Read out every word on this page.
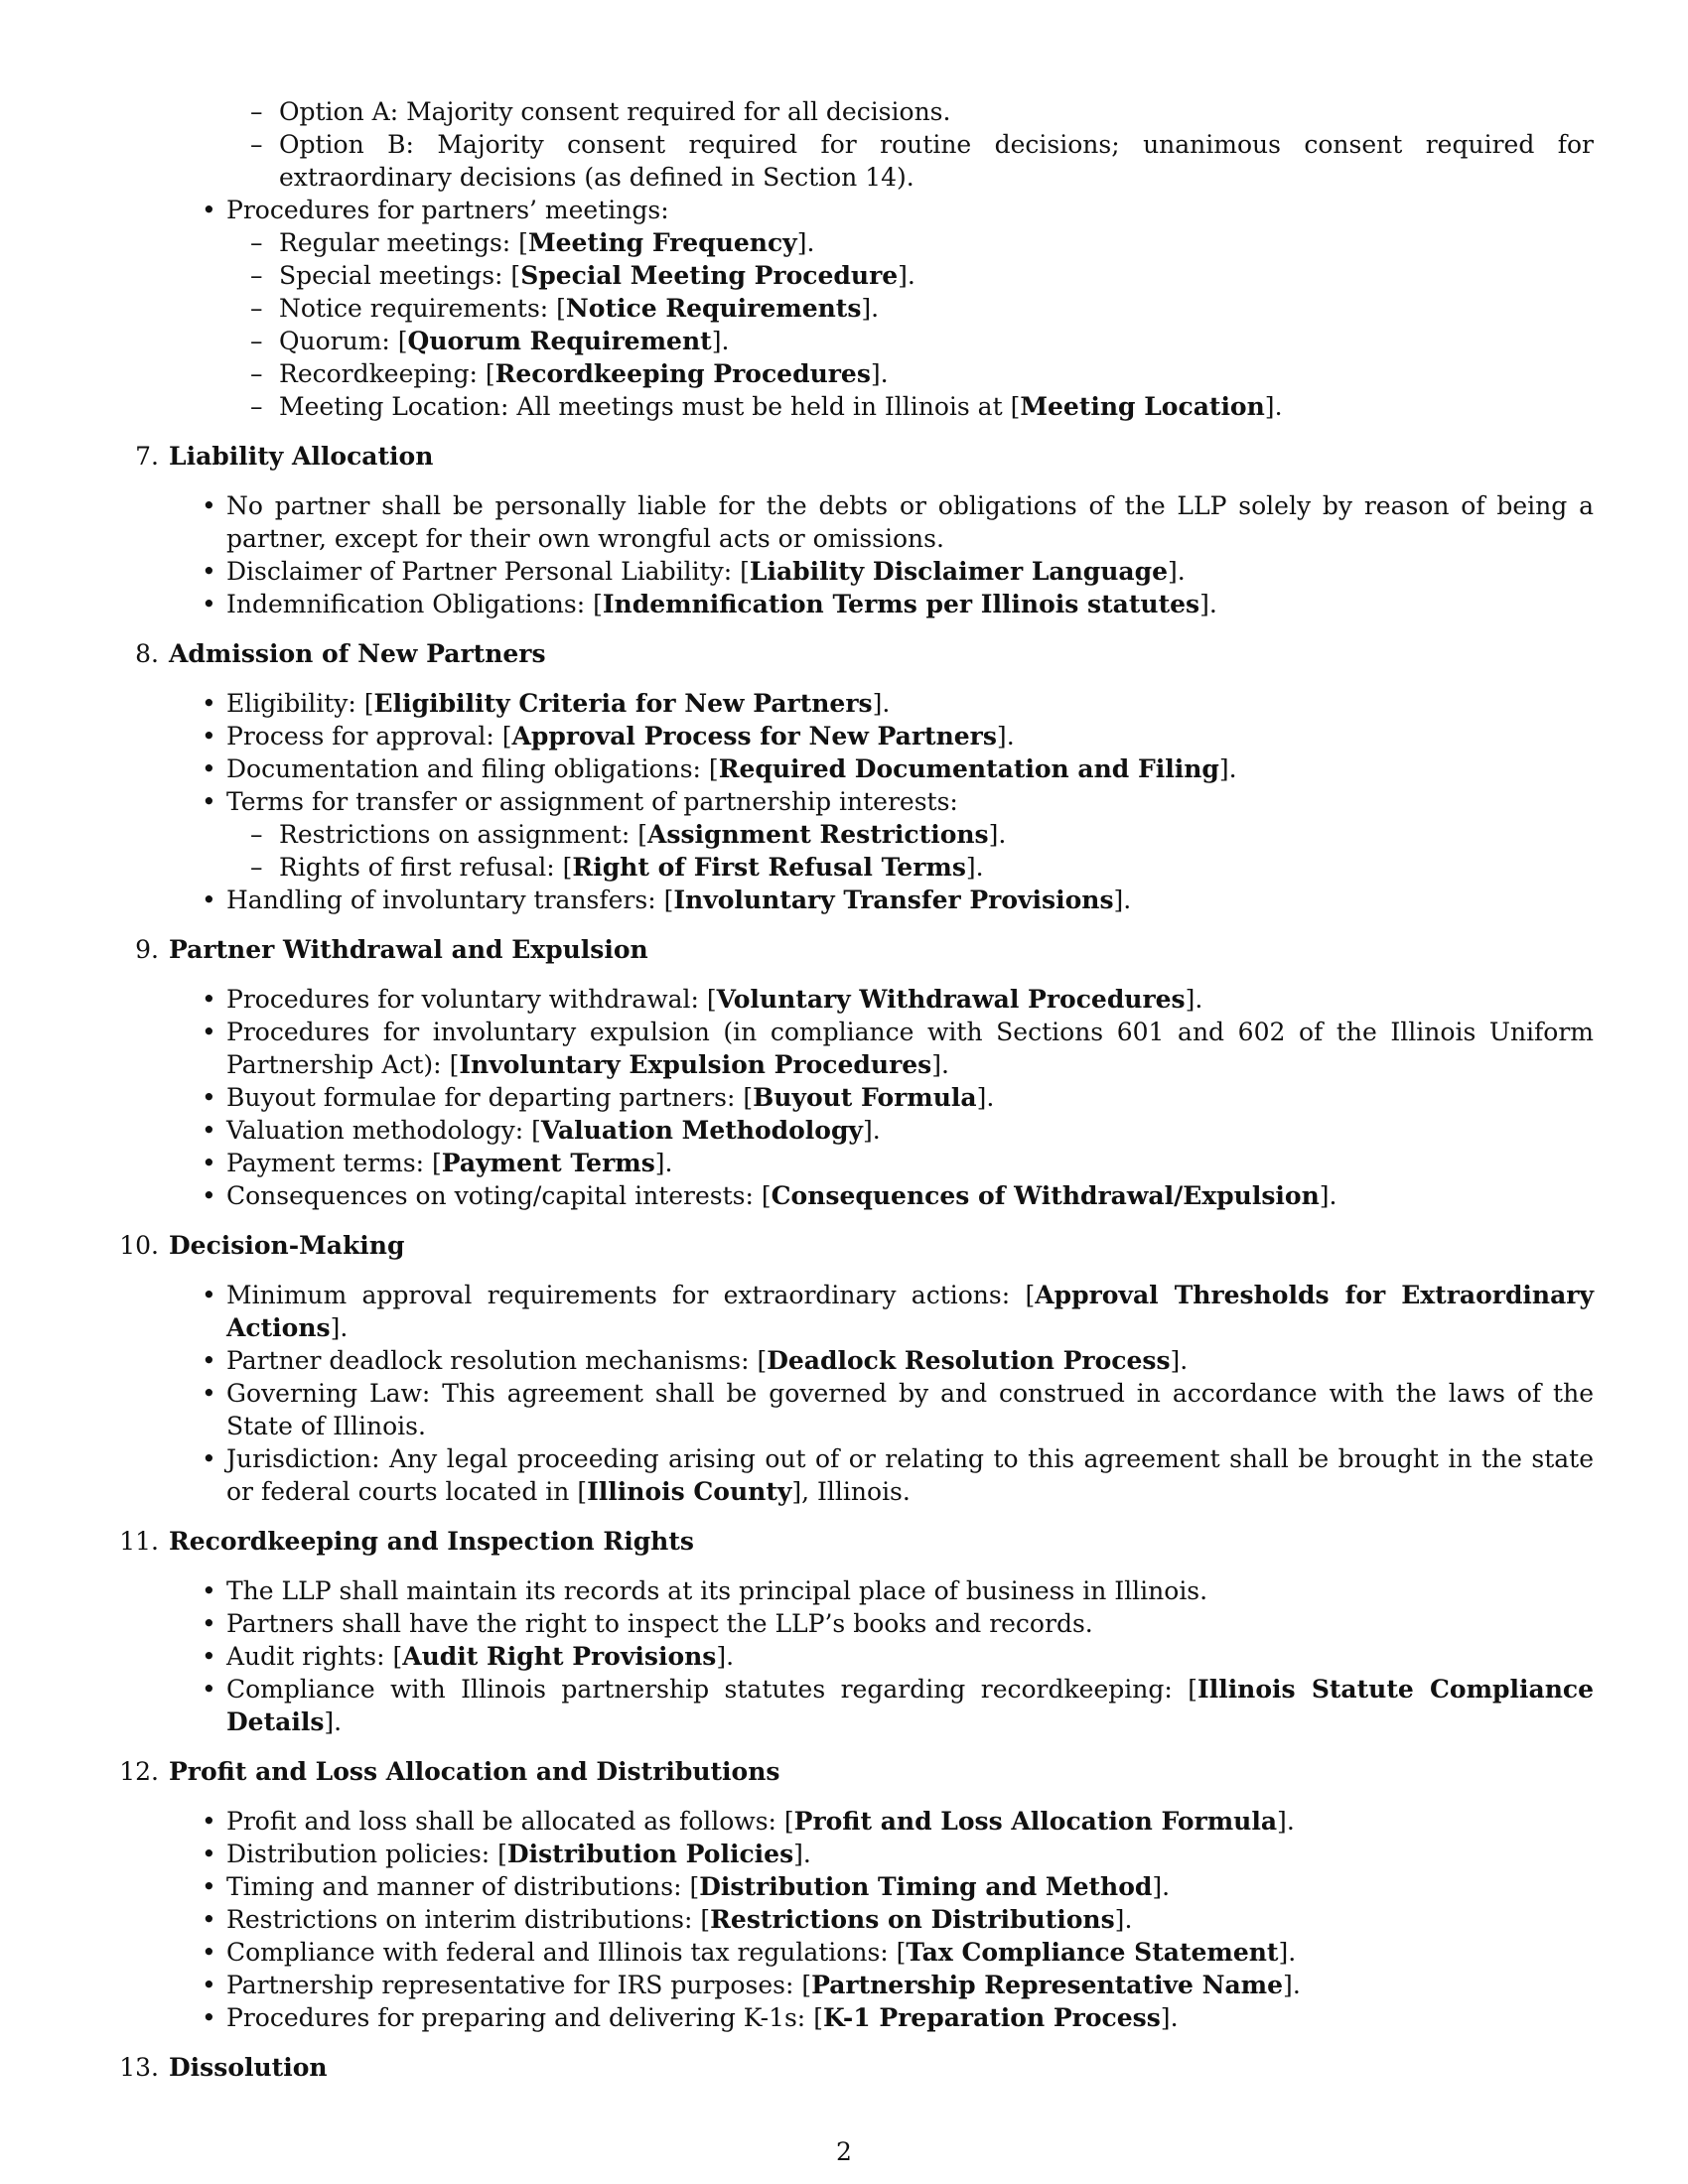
– Option A: Majority consent required for all decisions.

– Option B: Majority consent required for routine decisions; unanimous consent required for extraordinary decisions (as defined in Section 14).

• Procedures for partners’ meetings:

– Regular meetings: [Meeting Frequency].

– Special meetings: [Special Meeting Procedure].

– Notice requirements: [Notice Requirements].

– Quorum: [Quorum Requirement].

– Recordkeeping: [Recordkeeping Procedures].

– Meeting Location: All meetings must be held in Illinois at [Meeting Location].

7. Liability Allocation

• No partner shall be personally liable for the debts or obligations of the LLP solely by reason of being a partner, except for their own wrongful acts or omissions.

• Disclaimer of Partner Personal Liability: [Liability Disclaimer Language].

• Indemnification Obligations: [Indemnification Terms per Illinois statutes].

8. Admission of New Partners

• Eligibility: [Eligibility Criteria for New Partners].

• Process for approval: [Approval Process for New Partners].

• Documentation and filing obligations: [Required Documentation and Filing].

• Terms for transfer or assignment of partnership interests:

– Restrictions on assignment: [Assignment Restrictions].

– Rights of first refusal: [Right of First Refusal Terms].

• Handling of involuntary transfers: [Involuntary Transfer Provisions].

9. Partner Withdrawal and Expulsion

• Procedures for voluntary withdrawal: [Voluntary Withdrawal Procedures].

• Procedures for involuntary expulsion (in compliance with Sections 601 and 602 of the Illinois Uniform Partnership Act): [Involuntary Expulsion Procedures].

• Buyout formulae for departing partners: [Buyout Formula].

• Valuation methodology: [Valuation Methodology].

• Payment terms: [Payment Terms].

• Consequences on voting/capital interests: [Consequences of Withdrawal/Expulsion].

10. Decision-Making

• Minimum approval requirements for extraordinary actions: [Approval Thresholds for Extraordinary Actions].

• Partner deadlock resolution mechanisms: [Deadlock Resolution Process].

• Governing Law: This agreement shall be governed by and construed in accordance with the laws of the State of Illinois.

• Jurisdiction: Any legal proceeding arising out of or relating to this agreement shall be brought in the state or federal courts located in [Illinois County], Illinois.

11. Recordkeeping and Inspection Rights

• The LLP shall maintain its records at its principal place of business in Illinois.

• Partners shall have the right to inspect the LLP’s books and records.

• Audit rights: [Audit Right Provisions].

• Compliance with Illinois partnership statutes regarding recordkeeping: [Illinois Statute Compliance Details].

12. Profit and Loss Allocation and Distributions

• Profit and loss shall be allocated as follows: [Profit and Loss Allocation Formula].

• Distribution policies: [Distribution Policies].

• Timing and manner of distributions: [Distribution Timing and Method].

• Restrictions on interim distributions: [Restrictions on Distributions].

• Compliance with federal and Illinois tax regulations: [Tax Compliance Statement].

• Partnership representative for IRS purposes: [Partnership Representative Name].

• Procedures for preparing and delivering K-1s: [K-1 Preparation Process].

13. Dissolution
2
